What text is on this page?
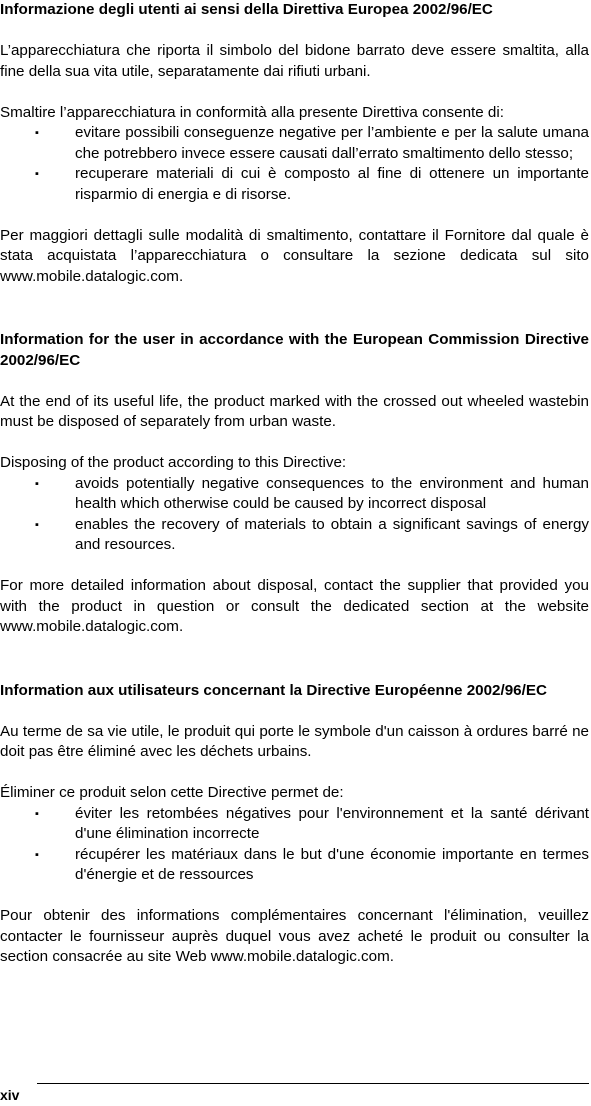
Informazione degli utenti ai sensi della Direttiva Europea 2002/96/EC

L’apparecchiatura che riporta il simbolo del bidone barrato deve essere smaltita, alla fine della sua vita utile, separatamente dai rifiuti urbani.

Smaltire l’apparecchiatura in conformità alla presente Direttiva consente di:

▪ evitare possibili conseguenze negative per l’ambiente e per la salute umana che potrebbero invece essere causati dall’errato smaltimento dello stesso;
▪ recuperare materiali di cui è composto al fine di ottenere un importante risparmio di energia e di risorse.

Per maggiori dettagli sulle modalità di smaltimento, contattare il Fornitore dal quale è stata acquistata l’apparecchiatura o consultare la sezione dedicata sul sito www.mobile.datalogic.com.

Information for the user in accordance with the European Commission Directive 2002/96/EC

At the end of its useful life, the product marked with the crossed out wheeled wastebin must be disposed of separately from urban waste.

Disposing of the product according to this Directive:

▪ avoids potentially negative consequences to the environment and human health which otherwise could be caused by incorrect disposal
▪ enables the recovery of materials to obtain a significant savings of energy and resources.

For more detailed information about disposal, contact the supplier that provided you with the product in question or consult the dedicated section at the website www.mobile.datalogic.com.

Information aux utilisateurs concernant la Directive Européenne 2002/96/EC

Au terme de sa vie utile, le produit qui porte le symbole d'un caisson à ordures barré ne doit pas être éliminé avec les déchets urbains.

Éliminer ce produit selon cette Directive permet de:

▪ éviter les retombées négatives pour l'environnement et la santé dérivant d'une élimination incorrecte
▪ récupérer les matériaux dans le but d'une économie importante en termes d'énergie et de ressources

Pour obtenir des informations complémentaires concernant l'élimination, veuillez contacter le fournisseur auprès duquel vous avez acheté le produit ou consulter la section consacrée au site Web www.mobile.datalogic.com.

xiv
